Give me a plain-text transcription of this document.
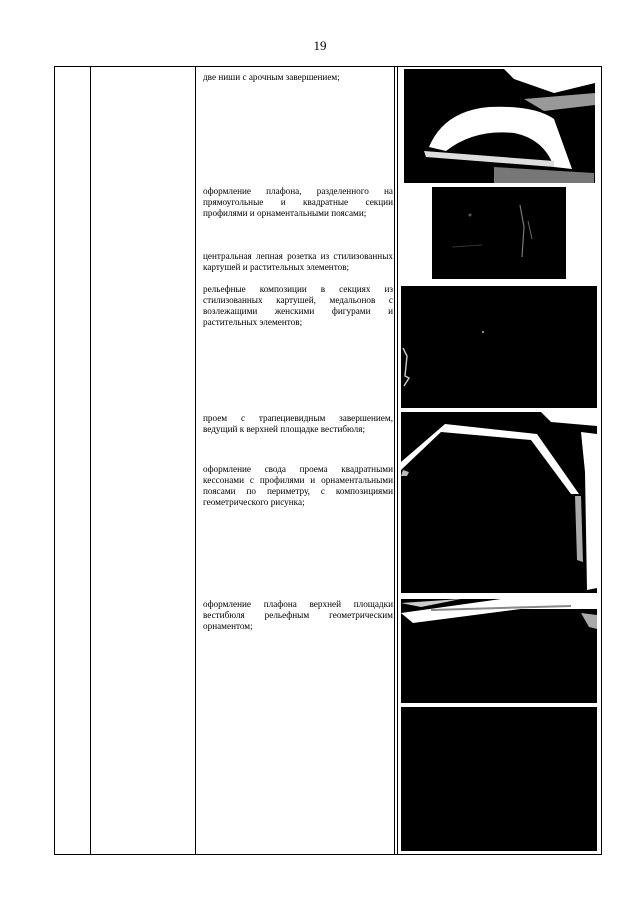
19
две ниши с арочным завершением;
оформление плафона, разделенного на прямоугольные и квадратные секции профилями и орнаментальными поясами;
центральная лепная розетка из стилизованных картушей и растительных элементов;
рельефные композиции в секциях из стилизованных картушей, медальонов с возлежащими женскими фигурами и растительных элементов;
проем с трапециевидным завершением, ведущий к верхней площадке вестибюля;
оформление свода проема квадратными кессонами с профилями и орнаментальными поясами по периметру, с композициями геометрического рисунка;
оформление плафона верхней площадки вестибюля рельефным геометрическим орнаментом;
